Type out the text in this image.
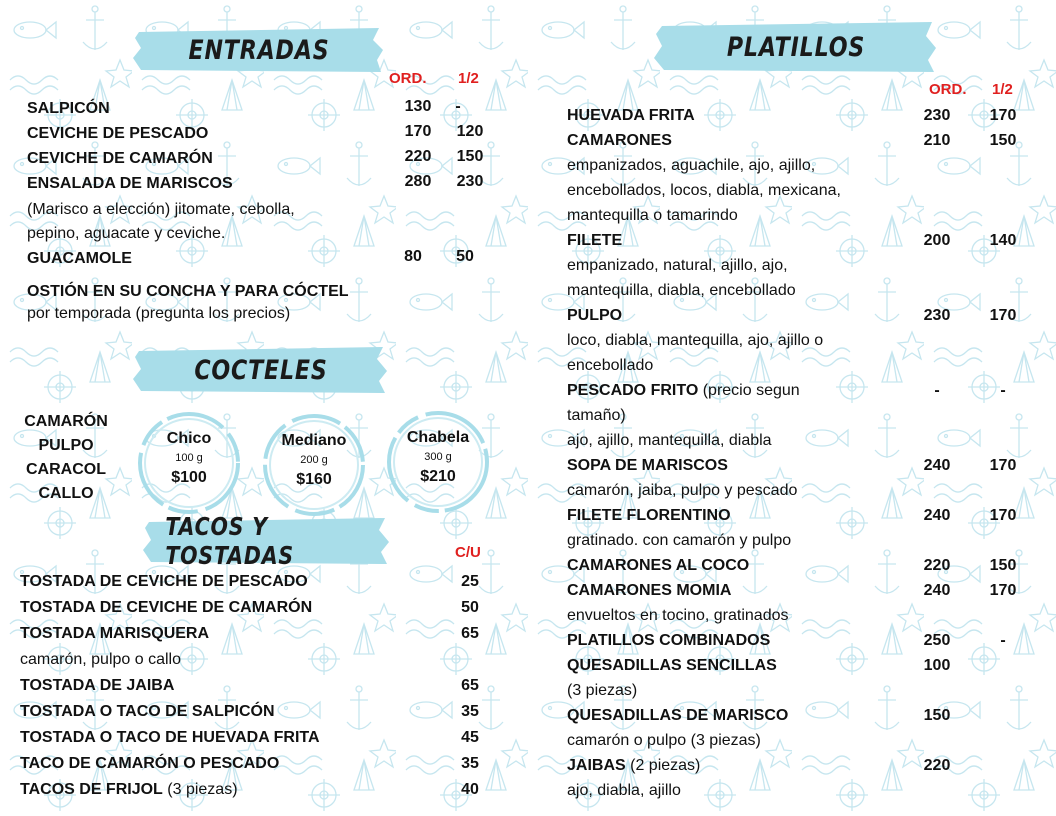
ENTRADAS	PLATILLOS
COCTELES
TACOS Y TOSTADAS
ORD. 1/2
SALPICÓN	130	-
CEVICHE DE PESCADO	170	120
CEVICHE DE CAMARÓN	220	150
ENSALADA DE MARISCOS	280	230
(Marisco a elección) jitomate, cebolla,
pepino, aguacate y ceviche.
GUACAMOLE	80	50
OSTIÓN EN SU CONCHA Y PARA CÓCTEL
por temporada (pregunta los precios)
CAMARÓN
PULPO
CARACOL
CALLO
Chico
100 g
$100
Mediano
200 g
$160
Chabela
300 g
$210
C/U
TOSTADA DE CEVICHE DE PESCADO	25
TOSTADA DE CEVICHE DE CAMARÓN	50
TOSTADA MARISQUERA	65
camarón, pulpo o callo
TOSTADA DE JAIBA	65
TOSTADA O TACO DE SALPICÓN	35
TOSTADA O TACO DE HUEVADA FRITA	45
TACO DE CAMARÓN O PESCADO	35
TACOS DE FRIJOL (3 piezas)	40
ORD. 1/2
HUEVADA FRITA	230	170
CAMARONES	210	150
empanizados, aguachile, ajo, ajillo,
encebollados, locos, diabla, mexicana,
mantequilla o tamarindo
FILETE	200	140
empanizado, natural, ajillo, ajo,
mantequilla, diabla, encebollado
PULPO	230	170
loco, diabla, mantequilla, ajo, ajillo o
encebollado
PESCADO FRITO (precio segun	-	-
tamaño)
ajo, ajillo, mantequilla, diabla
SOPA DE MARISCOS	240	170
camarón, jaiba, pulpo y pescado
FILETE FLORENTINO	240	170
gratinado. con camarón y pulpo
CAMARONES AL COCO	220	150
CAMARONES MOMIA	240	170
envueltos en tocino, gratinados
PLATILLOS COMBINADOS	250	-
QUESADILLAS SENCILLAS	100
(3 piezas)
QUESADILLAS DE MARISCO	150
camarón o pulpo (3 piezas)
JAIBAS (2 piezas)	220
ajo, diabla, ajillo
